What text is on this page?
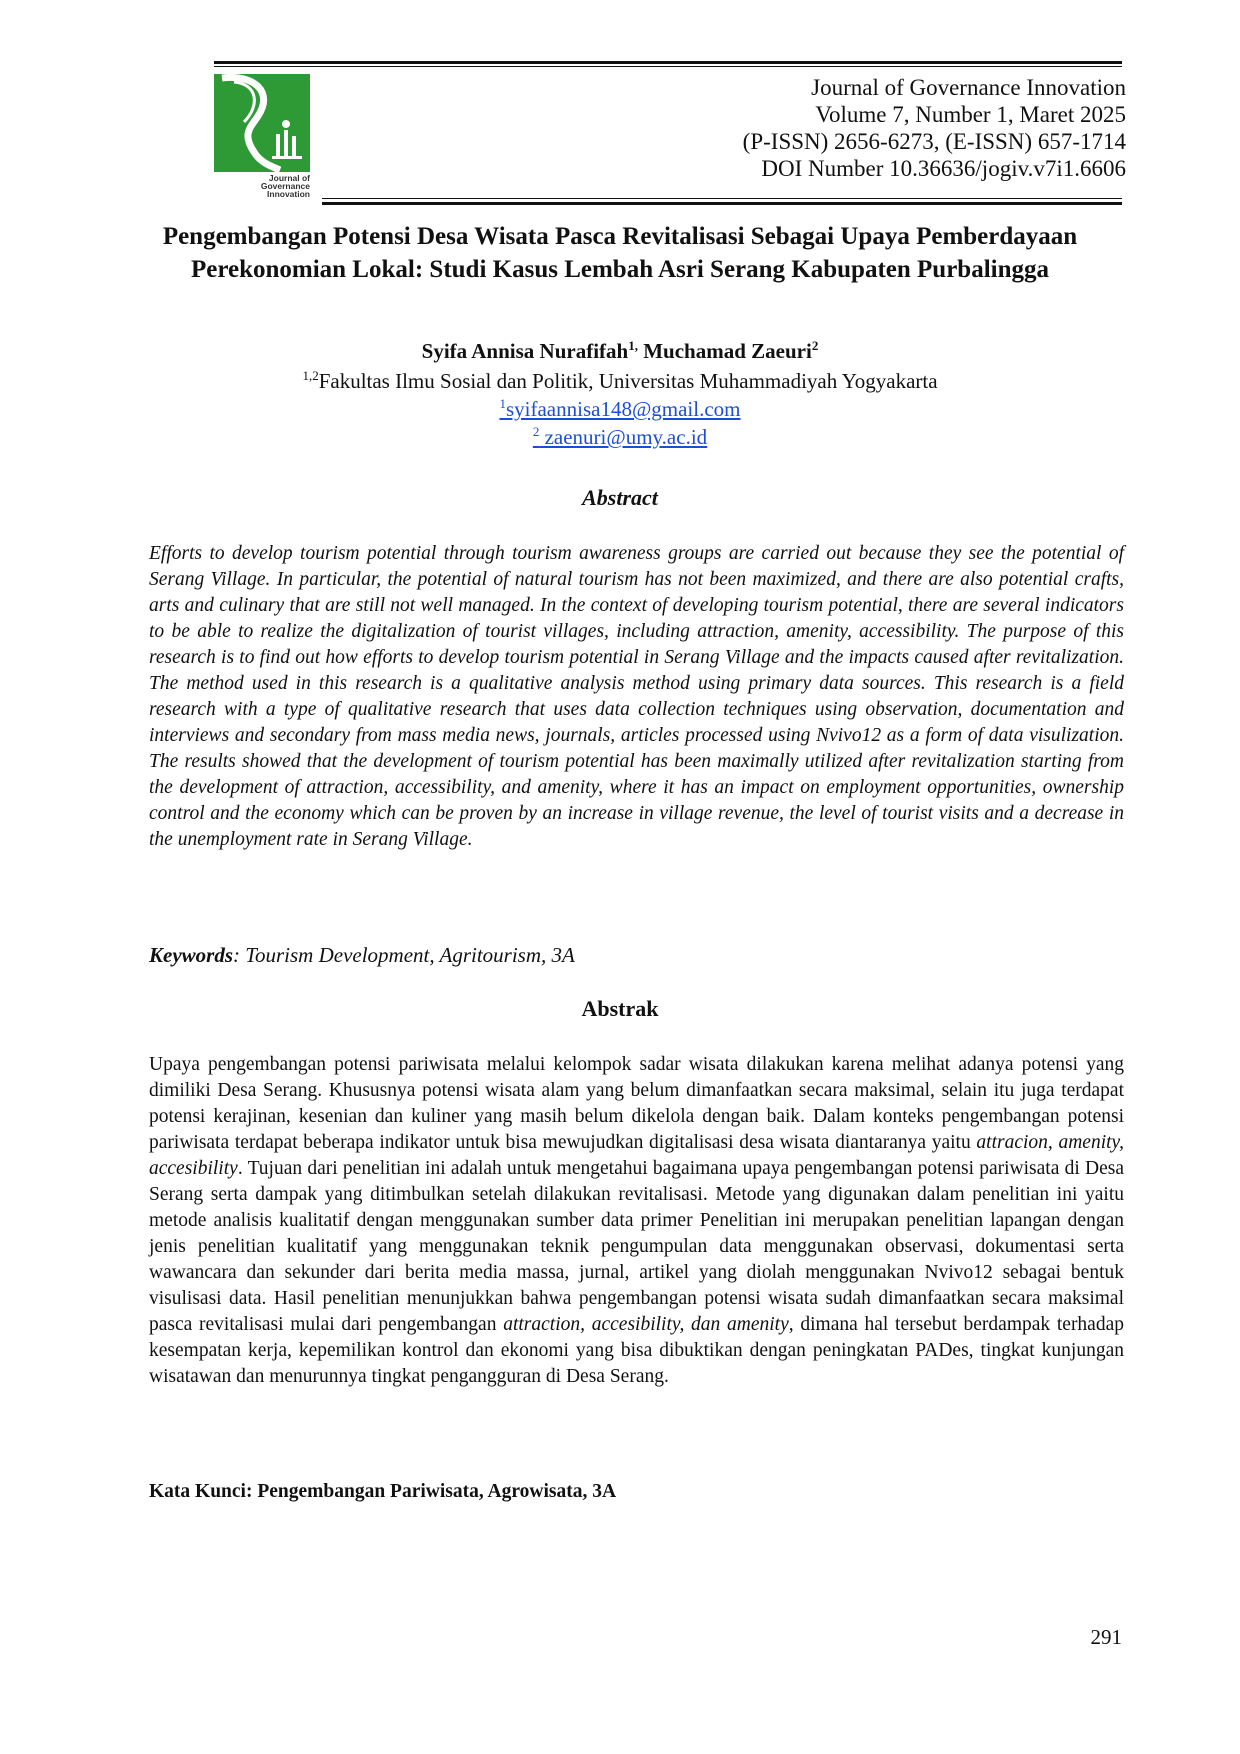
Journal of
Governance
Innovation
Journal of Governance Innovation
Volume 7, Number 1, Maret 2025
(P-ISSN) 2656-6273, (E-ISSN) 657-1714
DOI Number 10.36636/jogiv.v7i1.6606
Pengembangan Potensi Desa Wisata Pasca Revitalisasi Sebagai Upaya Pemberdayaan Perekonomian Lokal: Studi Kasus Lembah Asri Serang Kabupaten Purbalingga
Syifa Annisa Nurafifah$^{1,}$ Muchamad Zaeuri$^2$
$^{1,2}$Fakultas Ilmu Sosial dan Politik, Universitas Muhammadiyah Yogyakarta
$^1$syifaannisa148@gmail.com
$^2$ zaenuri@umy.ac.id
Abstract

Efforts to develop tourism potential through tourism awareness groups are carried out because they see the potential of Serang Village. In particular, the potential of natural tourism has not been maximized, and there are also potential crafts, arts and culinary that are still not well managed. In the context of developing tourism potential, there are several indicators to be able to realize the digitalization of tourist villages, including attraction, amenity, accessibility. The purpose of this research is to find out how efforts to develop tourism potential in Serang Village and the impacts caused after revitalization. The method used in this research is a qualitative analysis method using primary data sources. This research is a field research with a type of qualitative research that uses data collection techniques using observation, documentation and interviews and secondary from mass media news, journals, articles processed using Nvivo12 as a form of data visulization. The results showed that the development of tourism potential has been maximally utilized after revitalization starting from the development of attraction, accessibility, and amenity, where it has an impact on employment opportunities, ownership control and the economy which can be proven by an increase in village revenue, the level of tourist visits and a decrease in the unemployment rate in Serang Village.

Keywords: Tourism Development, Agritourism, 3A
Abstrak

Upaya pengembangan potensi pariwisata melalui kelompok sadar wisata dilakukan karena melihat adanya potensi yang dimiliki Desa Serang. Khususnya potensi wisata alam yang belum dimanfaatkan secara maksimal, selain itu juga terdapat potensi kerajinan, kesenian dan kuliner yang masih belum dikelola dengan baik. Dalam konteks pengembangan potensi pariwisata terdapat beberapa indikator untuk bisa mewujudkan digitalisasi desa wisata diantaranya yaitu attracion, amenity, accesibility. Tujuan dari penelitian ini adalah untuk mengetahui bagaimana upaya pengembangan potensi pariwisata di Desa Serang serta dampak yang ditimbulkan setelah dilakukan revitalisasi. Metode yang digunakan dalam penelitian ini yaitu metode analisis kualitatif dengan menggunakan sumber data primer Penelitian ini merupakan penelitian lapangan dengan jenis penelitian kualitatif yang menggunakan teknik pengumpulan data menggunakan observasi, dokumentasi serta wawancara dan sekunder dari berita media massa, jurnal, artikel yang diolah menggunakan Nvivo12 sebagai bentuk visulisasi data. Hasil penelitian menunjukkan bahwa pengembangan potensi wisata sudah dimanfaatkan secara maksimal pasca revitalisasi mulai dari pengembangan attraction, accesibility, dan amenity, dimana hal tersebut berdampak terhadap kesempatan kerja, kepemilikan kontrol dan ekonomi yang bisa dibuktikan dengan peningkatan PADes, tingkat kunjungan wisatawan dan menurunnya tingkat pengangguran di Desa Serang.

Kata Kunci: Pengembangan Pariwisata, Agrowisata, 3A
291
